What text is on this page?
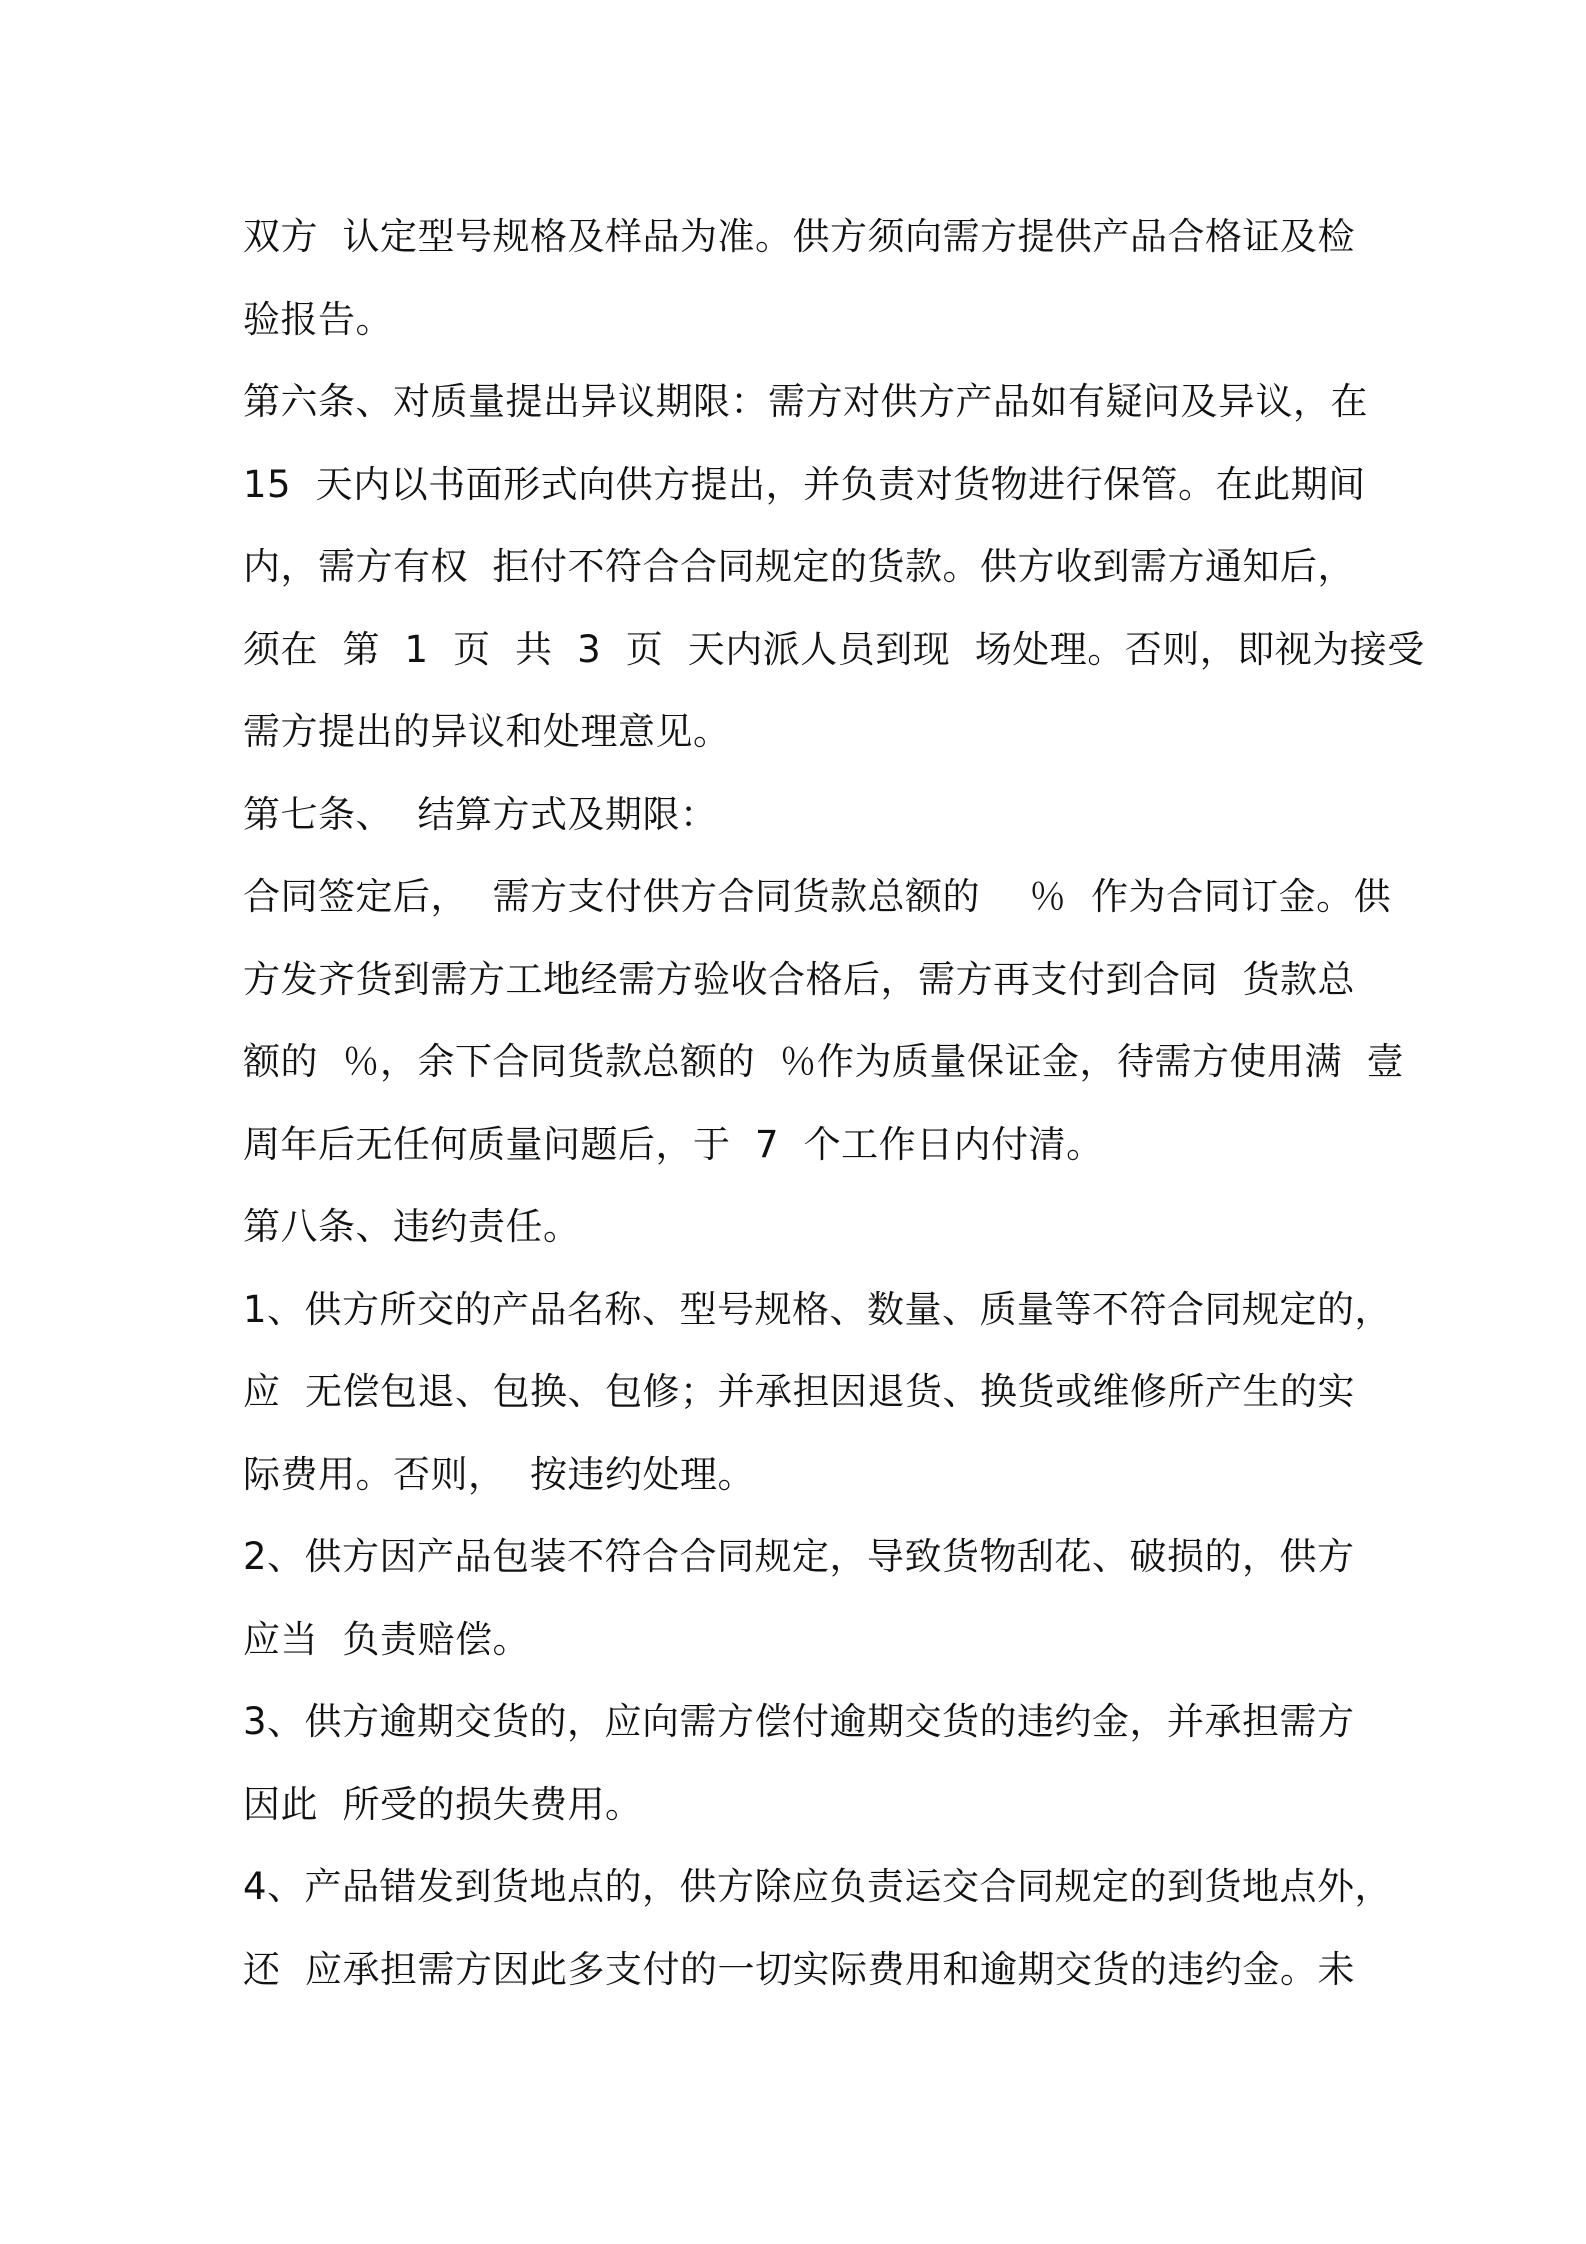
双方  认定型号规格及样品为准。供方须向需方提供产品合格证及检
验报告。
第六条、对质量提出异议期限：需方对供方产品如有疑问及异议，在
15  天内以书面形式向供方提出，并负责对货物进行保管。在此期间
内，需方有权  拒付不符合合同规定的货款。供方收到需方通知后，
须在  第  1  页  共  3  页  天内派人员到现  场处理。否则，即视为接受
需方提出的异议和处理意见。
第七条、  结算方式及期限：
合同签定后，  需方支付供方合同货款总额的    ％  作为合同订金。供
方发齐货到需方工地经需方验收合格后，需方再支付到合同  货款总
额的  ％，余下合同货款总额的  ％作为质量保证金，待需方使用满  壹
周年后无任何质量问题后，于  7  个工作日内付清。
第八条、违约责任。
1、供方所交的产品名称、型号规格、数量、质量等不符合同规定的，
应  无偿包退、包换、包修；并承担因退货、换货或维修所产生的实
际费用。否则，  按违约处理。
2、供方因产品包装不符合合同规定，导致货物刮花、破损的，供方
应当  负责赔偿。
3、供方逾期交货的，应向需方偿付逾期交货的违约金，并承担需方
因此  所受的损失费用。
4、产品错发到货地点的，供方除应负责运交合同规定的到货地点外，
还  应承担需方因此多支付的一切实际费用和逾期交货的违约金。未
